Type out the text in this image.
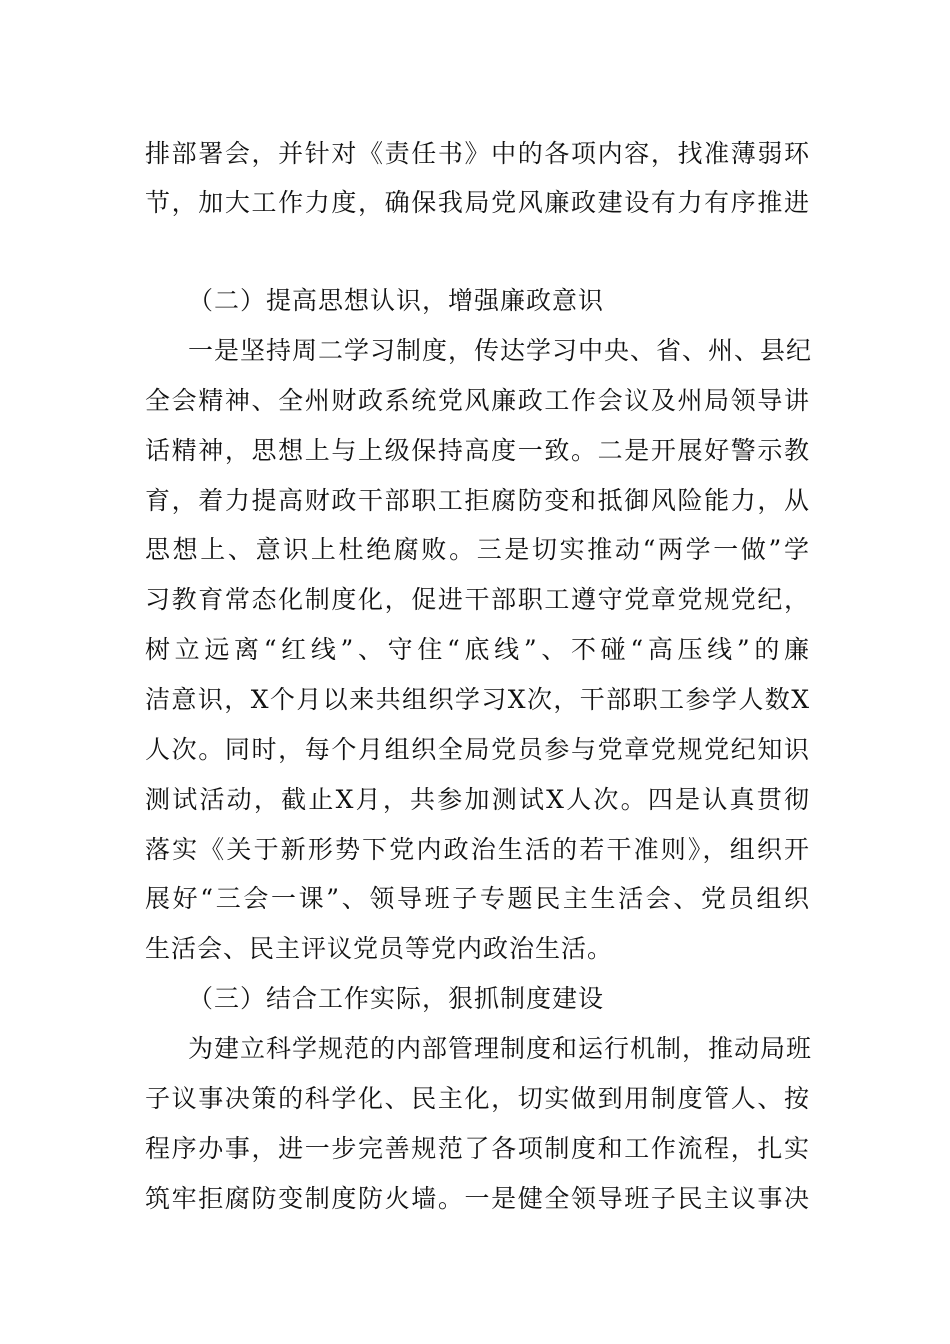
排部署会，并针对《责任书》中的各项内容，找准薄弱环
节，加大工作力度，确保我局党风廉政建设有力有序推进
（二）提高思想认识，增强廉政意识
一是坚持周二学习制度，传达学习中央、省、州、县纪
全会精神、全州财政系统党风廉政工作会议及州局领导讲
话精神，思想上与上级保持高度一致。二是开展好警示教
育，着力提高财政干部职工拒腐防变和抵御风险能力，从
思想上、意识上杜绝腐败。三是切实推动“两学一做”学
习教育常态化制度化，促进干部职工遵守党章党规党纪，
树立远离“红线”、守住“底线”、不碰“高压线”的廉
洁意识，X个月以来共组织学习X次，干部职工参学人数X
人次。同时，每个月组织全局党员参与党章党规党纪知识
测试活动，截止X月，共参加测试X人次。四是认真贯彻
落实《关于新形势下党内政治生活的若干准则》，组织开
展好“三会一课”、领导班子专题民主生活会、党员组织
生活会、民主评议党员等党内政治生活。
（三）结合工作实际，狠抓制度建设
为建立科学规范的内部管理制度和运行机制，推动局班
子议事决策的科学化、民主化，切实做到用制度管人、按
程序办事，进一步完善规范了各项制度和工作流程，扎实
筑牢拒腐防变制度防火墙。一是健全领导班子民主议事决
